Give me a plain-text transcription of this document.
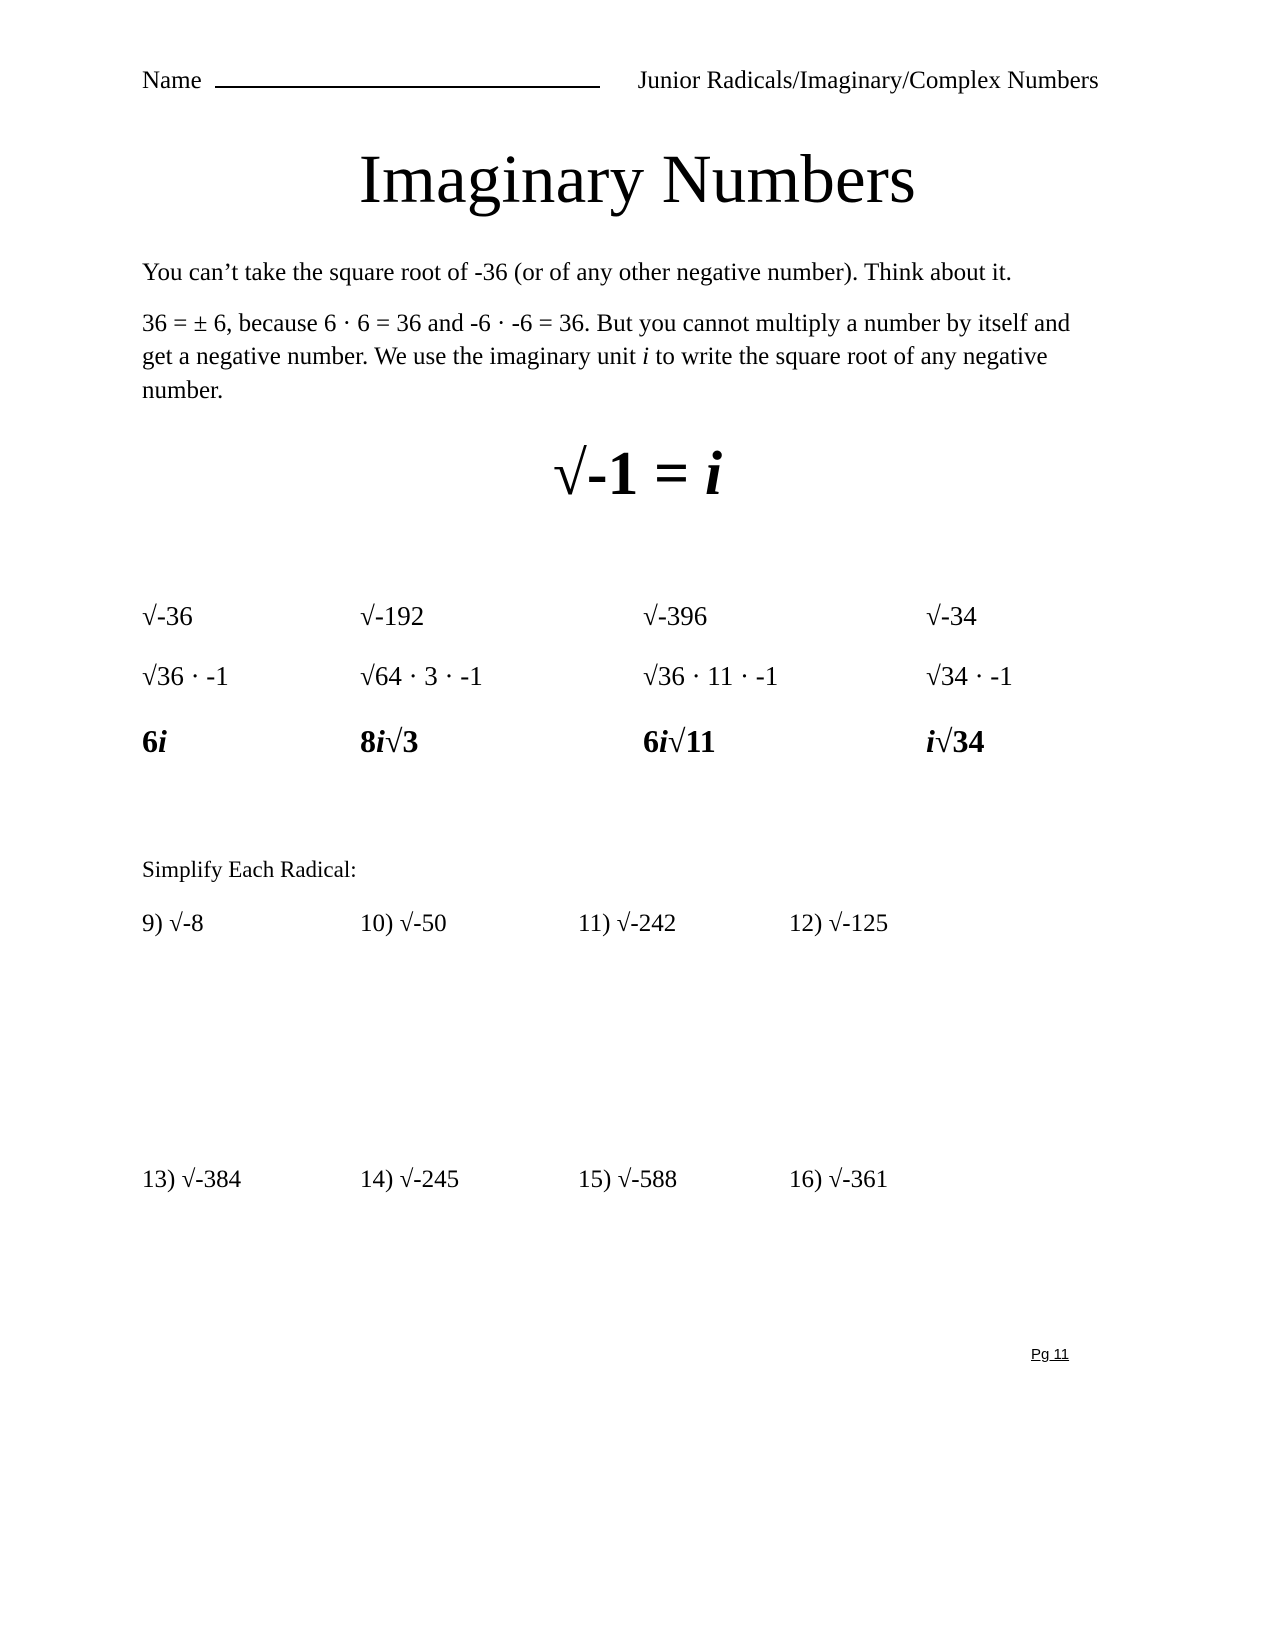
Name	Junior Radicals/Imaginary/Complex Numbers
Imaginary Numbers
You can’t take the square root of -36 (or of any other negative number). Think about it.
36 = ± 6, because 6 · 6 = 36 and -6 · -6 = 36. But you cannot multiply a number by itself and get a negative number. We use the imaginary unit i to write the square root of any negative number.
√-1 = i
√-36	√-192	√-396	√-34
√36 · -1	√64 · 3 · -1	√36 · 11 · -1	√34 · -1
6i	8i√3	6i√11	i√34
Simplify Each Radical:
9) √-8	10) √-50	11) √-242	12) √-125
13) √-384	14) √-245	15) √-588	16) √-361
Pg 11
